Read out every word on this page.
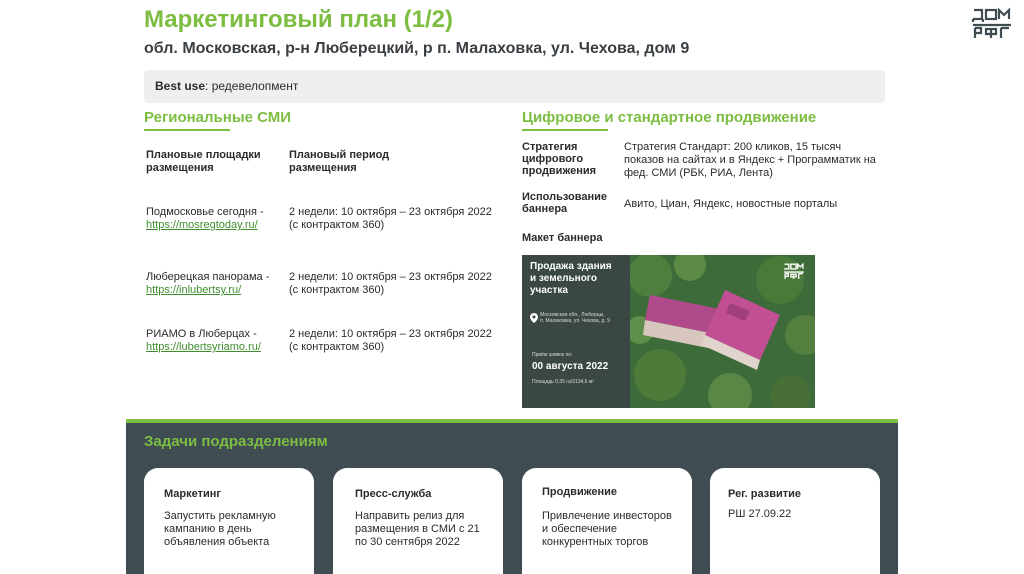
Маркетинговый план (1/2)
обл. Московская, р-н Люберецкий, р п. Малаховка, ул. Чехова, дом 9
Best use: редевелопмент
Региональные СМИ
Плановые площадки
размещения
Плановый период
размещения
Подмосковье сегодня -
https://mosregtoday.ru/
2 недели: 10 октября – 23 октября 2022
(с контрактом 360)
Люберецкая панорама -
https://inlubertsy.ru/
2 недели: 10 октября – 23 октября 2022
(с контрактом 360)
РИАМО в Люберцах -
https://lubertsyriamo.ru/
2 недели: 10 октября – 23 октября 2022
(с контрактом 360)
Цифровое и стандартное продвижение
Стратегия
цифрового
продвижения
Стратегия Стандарт: 200 кликов, 15 тысяч
показов на сайтах и в Яндекс + Программатик на
фед. СМИ (РБК, РИА, Лента)
Использование
баннера	Авито, Циан, Яндекс, новостные порталы
Макет баннера
Продажа здания
и земельного
участка
Московская обл., Люберцы,
п. Малаховка, ул. Чехова, д. 9
Приём заявок по:
00 августа 2022
Площадь 0,35 га/3134,6 м²
Задачи подразделениям
Маркетинг
Запустить рекламную
кампанию в день
объявления объекта
Пресс-служба
Направить релиз для
размещения в СМИ с 21
по 30 сентября 2022
Продвижение
Привлечение инвесторов
и обеспечение
конкурентных торгов
Рег. развитие
РШ 27.09.22
